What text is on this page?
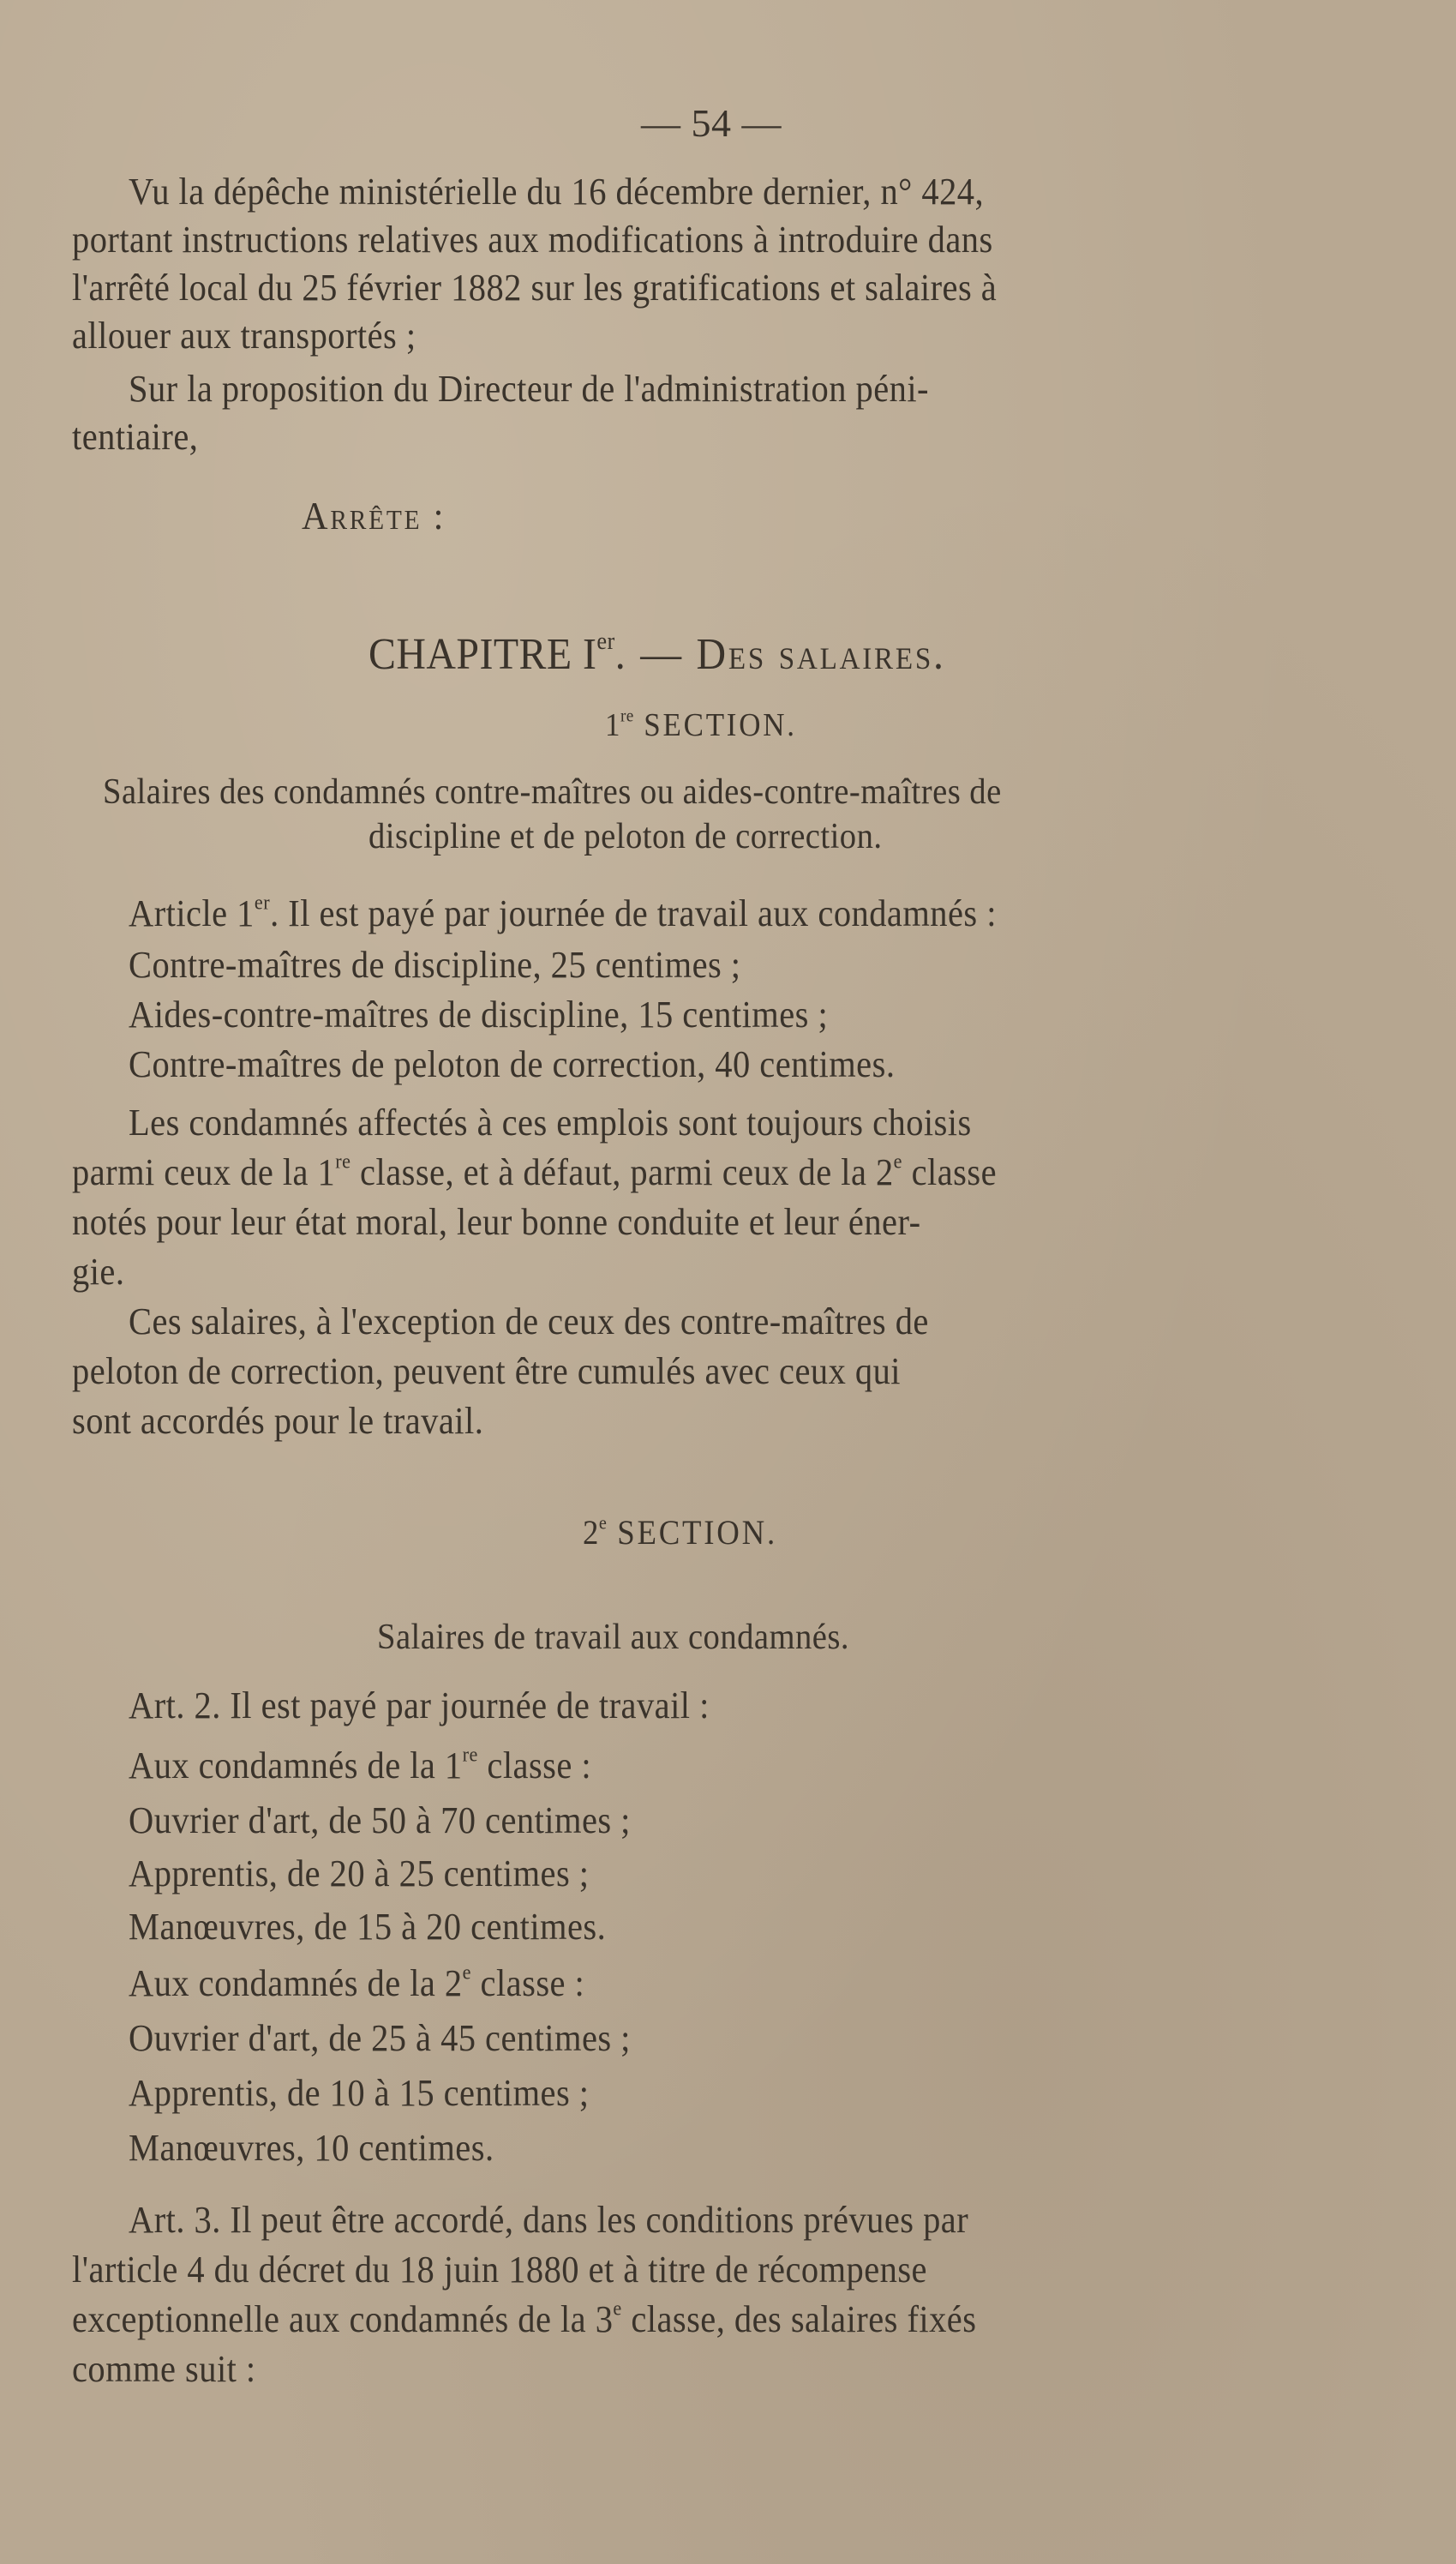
— 54 —
Vu la dépêche ministérielle du 16 décembre dernier, n° 424,
portant instructions relatives aux modifications à introduire dans
l'arrêté local du 25 février 1882 sur les gratifications et salaires à
allouer aux transportés ;
Sur la proposition du Directeur de l'administration péni-
tentiaire,
Arrête :
CHAPITRE Ier. — Des salaires.
1re SECTION.
Salaires des condamnés contre-maîtres ou aides-contre-maîtres de
discipline et de peloton de correction.
Article 1er. Il est payé par journée de travail aux condamnés :
Contre-maîtres de discipline, 25 centimes ;
Aides-contre-maîtres de discipline, 15 centimes ;
Contre-maîtres de peloton de correction, 40 centimes.
Les condamnés affectés à ces emplois sont toujours choisis
parmi ceux de la 1re classe, et à défaut, parmi ceux de la 2e classe
notés pour leur état moral, leur bonne conduite et leur éner-
gie.
Ces salaires, à l'exception de ceux des contre-maîtres de
peloton de correction, peuvent être cumulés avec ceux qui
sont accordés pour le travail.
2e SECTION.
Salaires de travail aux condamnés.
Art. 2. Il est payé par journée de travail :
Aux condamnés de la 1re classe :
Ouvrier d'art, de 50 à 70 centimes ;
Apprentis, de 20 à 25 centimes ;
Manœuvres, de 15 à 20 centimes.
Aux condamnés de la 2e classe :
Ouvrier d'art, de 25 à 45 centimes ;
Apprentis, de 10 à 15 centimes ;
Manœuvres, 10 centimes.
Art. 3. Il peut être accordé, dans les conditions prévues par
l'article 4 du décret du 18 juin 1880 et à titre de récompense
exceptionnelle aux condamnés de la 3e classe, des salaires fixés
comme suit :
